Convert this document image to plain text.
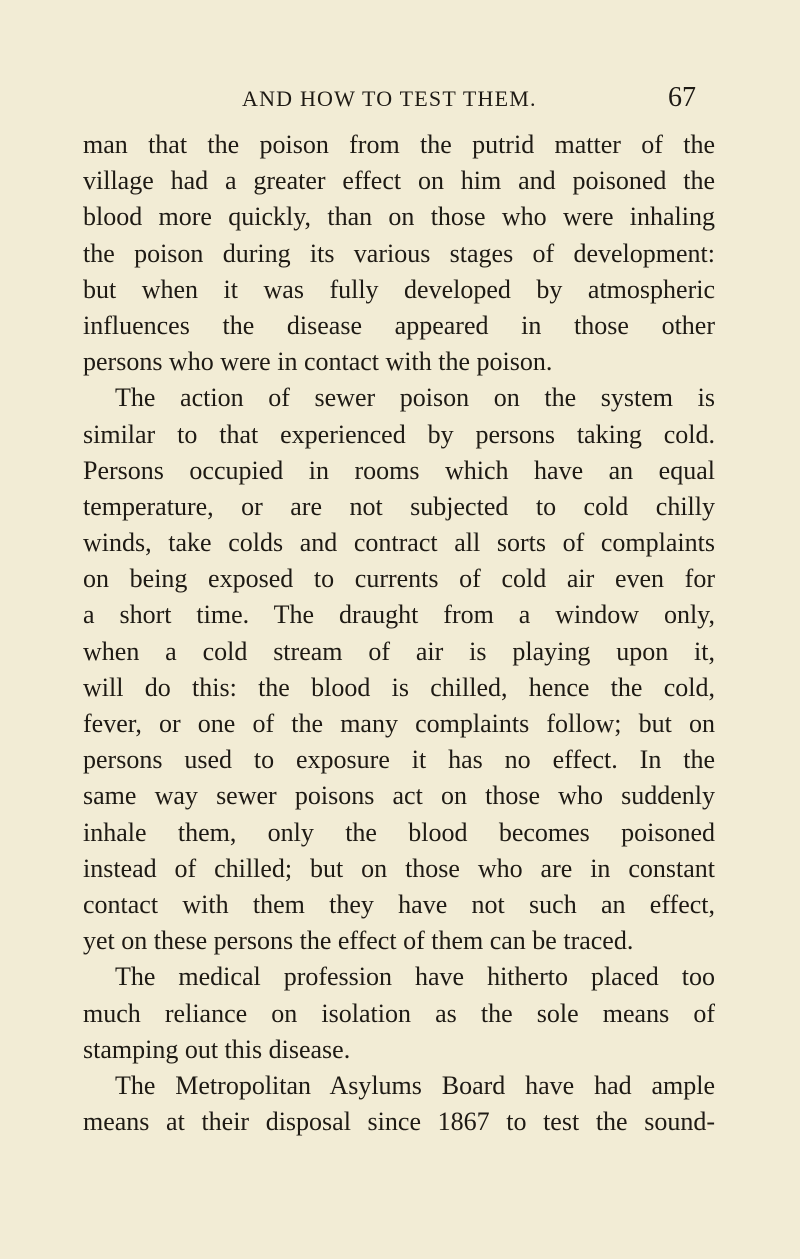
AND HOW TO TEST THEM.	67
man that the poison from the putrid matter of the
village had a greater effect on him and poisoned the
blood more quickly, than on those who were inhaling
the poison during its various stages of development:
but when it was fully developed by atmospheric
influences the disease appeared in those other
persons who were in contact with the poison.
The action of sewer poison on the system is
similar to that experienced by persons taking cold.
Persons occupied in rooms which have an equal
temperature, or are not subjected to cold chilly
winds, take colds and contract all sorts of complaints
on being exposed to currents of cold air even for
a short time. The draught from a window only,
when a cold stream of air is playing upon it,
will do this: the blood is chilled, hence the cold,
fever, or one of the many complaints follow; but on
persons used to exposure it has no effect. In the
same way sewer poisons act on those who suddenly
inhale them, only the blood becomes poisoned
instead of chilled; but on those who are in constant
contact with them they have not such an effect,
yet on these persons the effect of them can be traced.
The medical profession have hitherto placed too
much reliance on isolation as the sole means of
stamping out this disease.
The Metropolitan Asylums Board have had ample
means at their disposal since 1867 to test the sound-
